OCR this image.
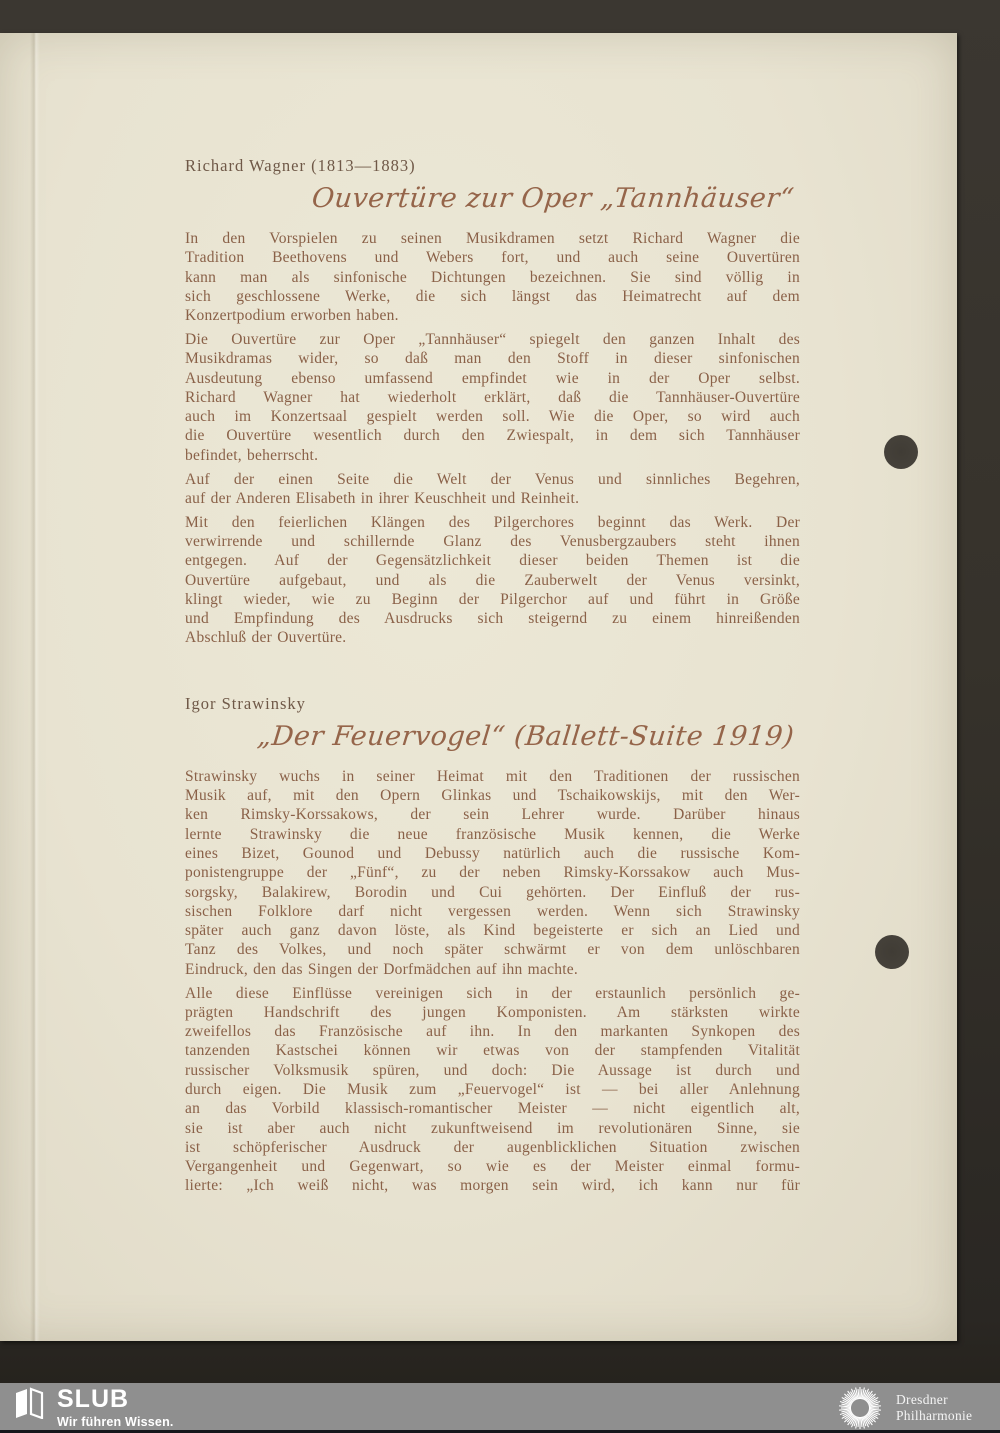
Richard Wagner (1813—1883)
Ouvertüre zur Oper „Tannhäuser“
In den Vorspielen zu seinen Musikdramen setzt Richard Wagner die
Tradition Beethovens und Webers fort, und auch seine Ouvertüren
kann man als sinfonische Dichtungen bezeichnen. Sie sind völlig in
sich geschlossene Werke, die sich längst das Heimatrecht auf dem
Konzertpodium erworben haben.
Die Ouvertüre zur Oper „Tannhäuser“ spiegelt den ganzen Inhalt des
Musikdramas wider, so daß man den Stoff in dieser sinfonischen
Ausdeutung ebenso umfassend empfindet wie in der Oper selbst.
Richard Wagner hat wiederholt erklärt, daß die Tannhäuser-Ouvertüre
auch im Konzertsaal gespielt werden soll. Wie die Oper, so wird auch
die Ouvertüre wesentlich durch den Zwiespalt, in dem sich Tannhäuser
befindet, beherrscht.
Auf der einen Seite die Welt der Venus und sinnliches Begehren,
auf der Anderen Elisabeth in ihrer Keuschheit und Reinheit.
Mit den feierlichen Klängen des Pilgerchores beginnt das Werk. Der
verwirrende und schillernde Glanz des Venusbergzaubers steht ihnen
entgegen. Auf der Gegensätzlichkeit dieser beiden Themen ist die
Ouvertüre aufgebaut, und als die Zauberwelt der Venus versinkt,
klingt wieder, wie zu Beginn der Pilgerchor auf und führt in Größe
und Empfindung des Ausdrucks sich steigernd zu einem hinreißenden
Abschluß der Ouvertüre.
Igor Strawinsky
„Der Feuervogel“ (Ballett-Suite 1919)
Strawinsky wuchs in seiner Heimat mit den Traditionen der russischen
Musik auf, mit den Opern Glinkas und Tschaikowskijs, mit den Wer-
ken Rimsky-Korssakows, der sein Lehrer wurde. Darüber hinaus
lernte Strawinsky die neue französische Musik kennen, die Werke
eines Bizet, Gounod und Debussy natürlich auch die russische Kom-
ponistengruppe der „Fünf“, zu der neben Rimsky-Korssakow auch Mus-
sorgsky, Balakirew, Borodin und Cui gehörten. Der Einfluß der rus-
sischen Folklore darf nicht vergessen werden. Wenn sich Strawinsky
später auch ganz davon löste, als Kind begeisterte er sich an Lied und
Tanz des Volkes, und noch später schwärmt er von dem unlöschbaren
Eindruck, den das Singen der Dorfmädchen auf ihn machte.
Alle diese Einflüsse vereinigen sich in der erstaunlich persönlich ge-
prägten Handschrift des jungen Komponisten. Am stärksten wirkte
zweifellos das Französische auf ihn. In den markanten Synkopen des
tanzenden Kastschei können wir etwas von der stampfenden Vitalität
russischer Volksmusik spüren, und doch: Die Aussage ist durch und
durch eigen. Die Musik zum „Feuervogel“ ist — bei aller Anlehnung
an das Vorbild klassisch-romantischer Meister — nicht eigentlich alt,
sie ist aber auch nicht zukunftweisend im revolutionären Sinne, sie
ist schöpferischer Ausdruck der augenblicklichen Situation zwischen
Vergangenheit und Gegenwart, so wie es der Meister einmal formu-
lierte: „Ich weiß nicht, was morgen sein wird, ich kann nur für
SLUB
Wir führen Wissen.
Dresdner
Philharmonie
